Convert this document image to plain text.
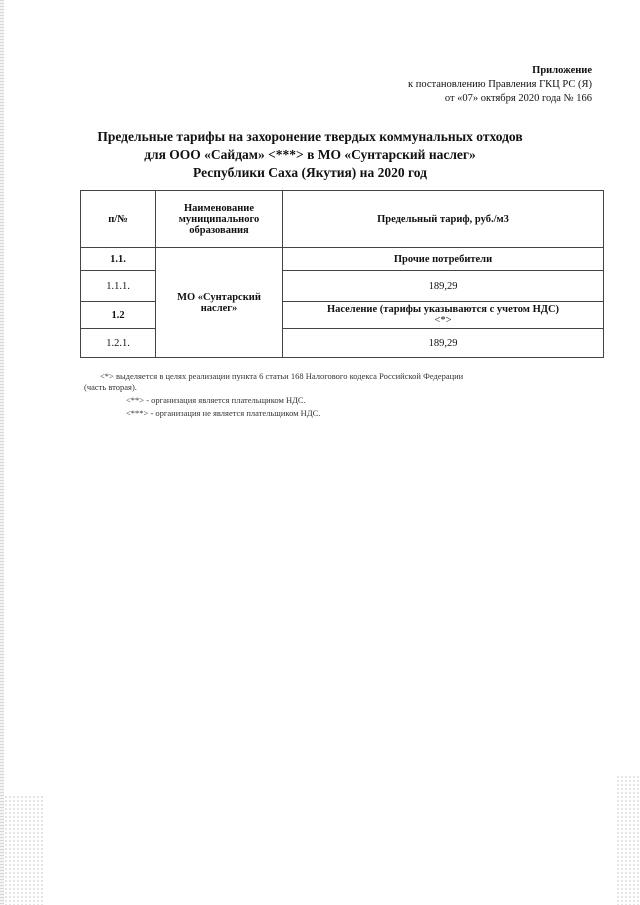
Приложение
к постановлению Правления ГКЦ РС (Я)
от «07» октября 2020 года № 166
Предельные тарифы на захоронение твердых коммунальных отходов
для ООО «Сайдам» <***> в МО «Сунтарский наслег»
Республики Саха (Якутия) на 2020 год
п/№	Наименование муниципального образования	Предельный тариф, руб./м3
1.1.	МО «Сунтарский наслег»	Прочие потребители
1.1.1.		189,29
1.2		Население (тарифы указываются с учетом НДС)
<*>
1.2.1.		189,29
<*> выделяется в целях реализации пункта 6 статьи 168 Налогового кодекса Российской Федерации
(часть вторая).
<**> - организация является плательщиком НДС.
<***> - организация не является плательщиком НДС.
